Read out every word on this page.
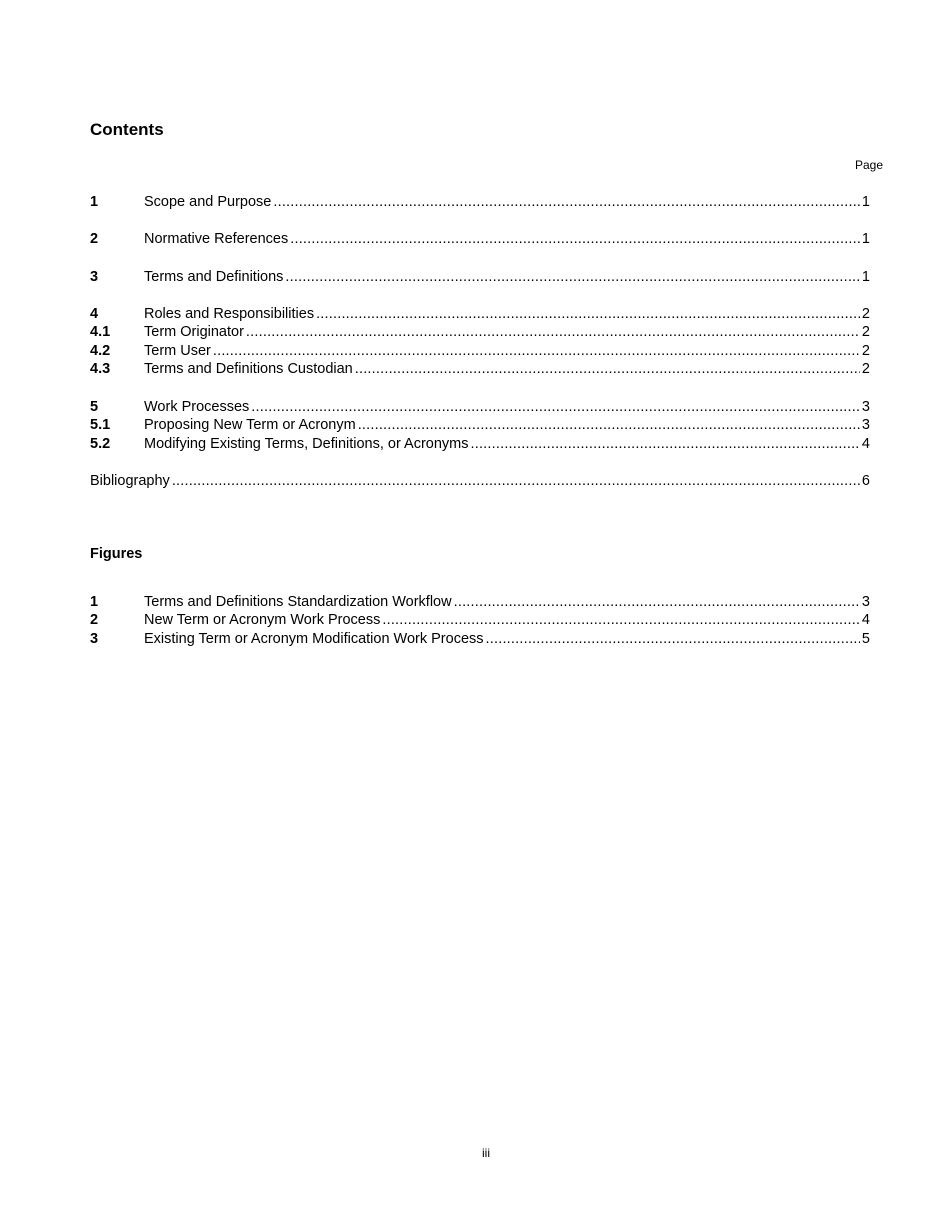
Contents
Page
1	Scope and Purpose .....	1
2	Normative References .....	1
3	Terms and Definitions .....	1
4	Roles and Responsibilities .....	2
4.1	Term Originator .....	2
4.2	Term User .....	2
4.3	Terms and Definitions Custodian .....	2
5	Work Processes .....	3
5.1	Proposing New Term or Acronym .....	3
5.2	Modifying Existing Terms, Definitions, or Acronyms .....	4
Bibliography .....	6
Figures
1	Terms and Definitions Standardization Workflow .....	3
2	New Term or Acronym Work Process .....	4
3	Existing Term or Acronym Modification Work Process .....	5
iii
